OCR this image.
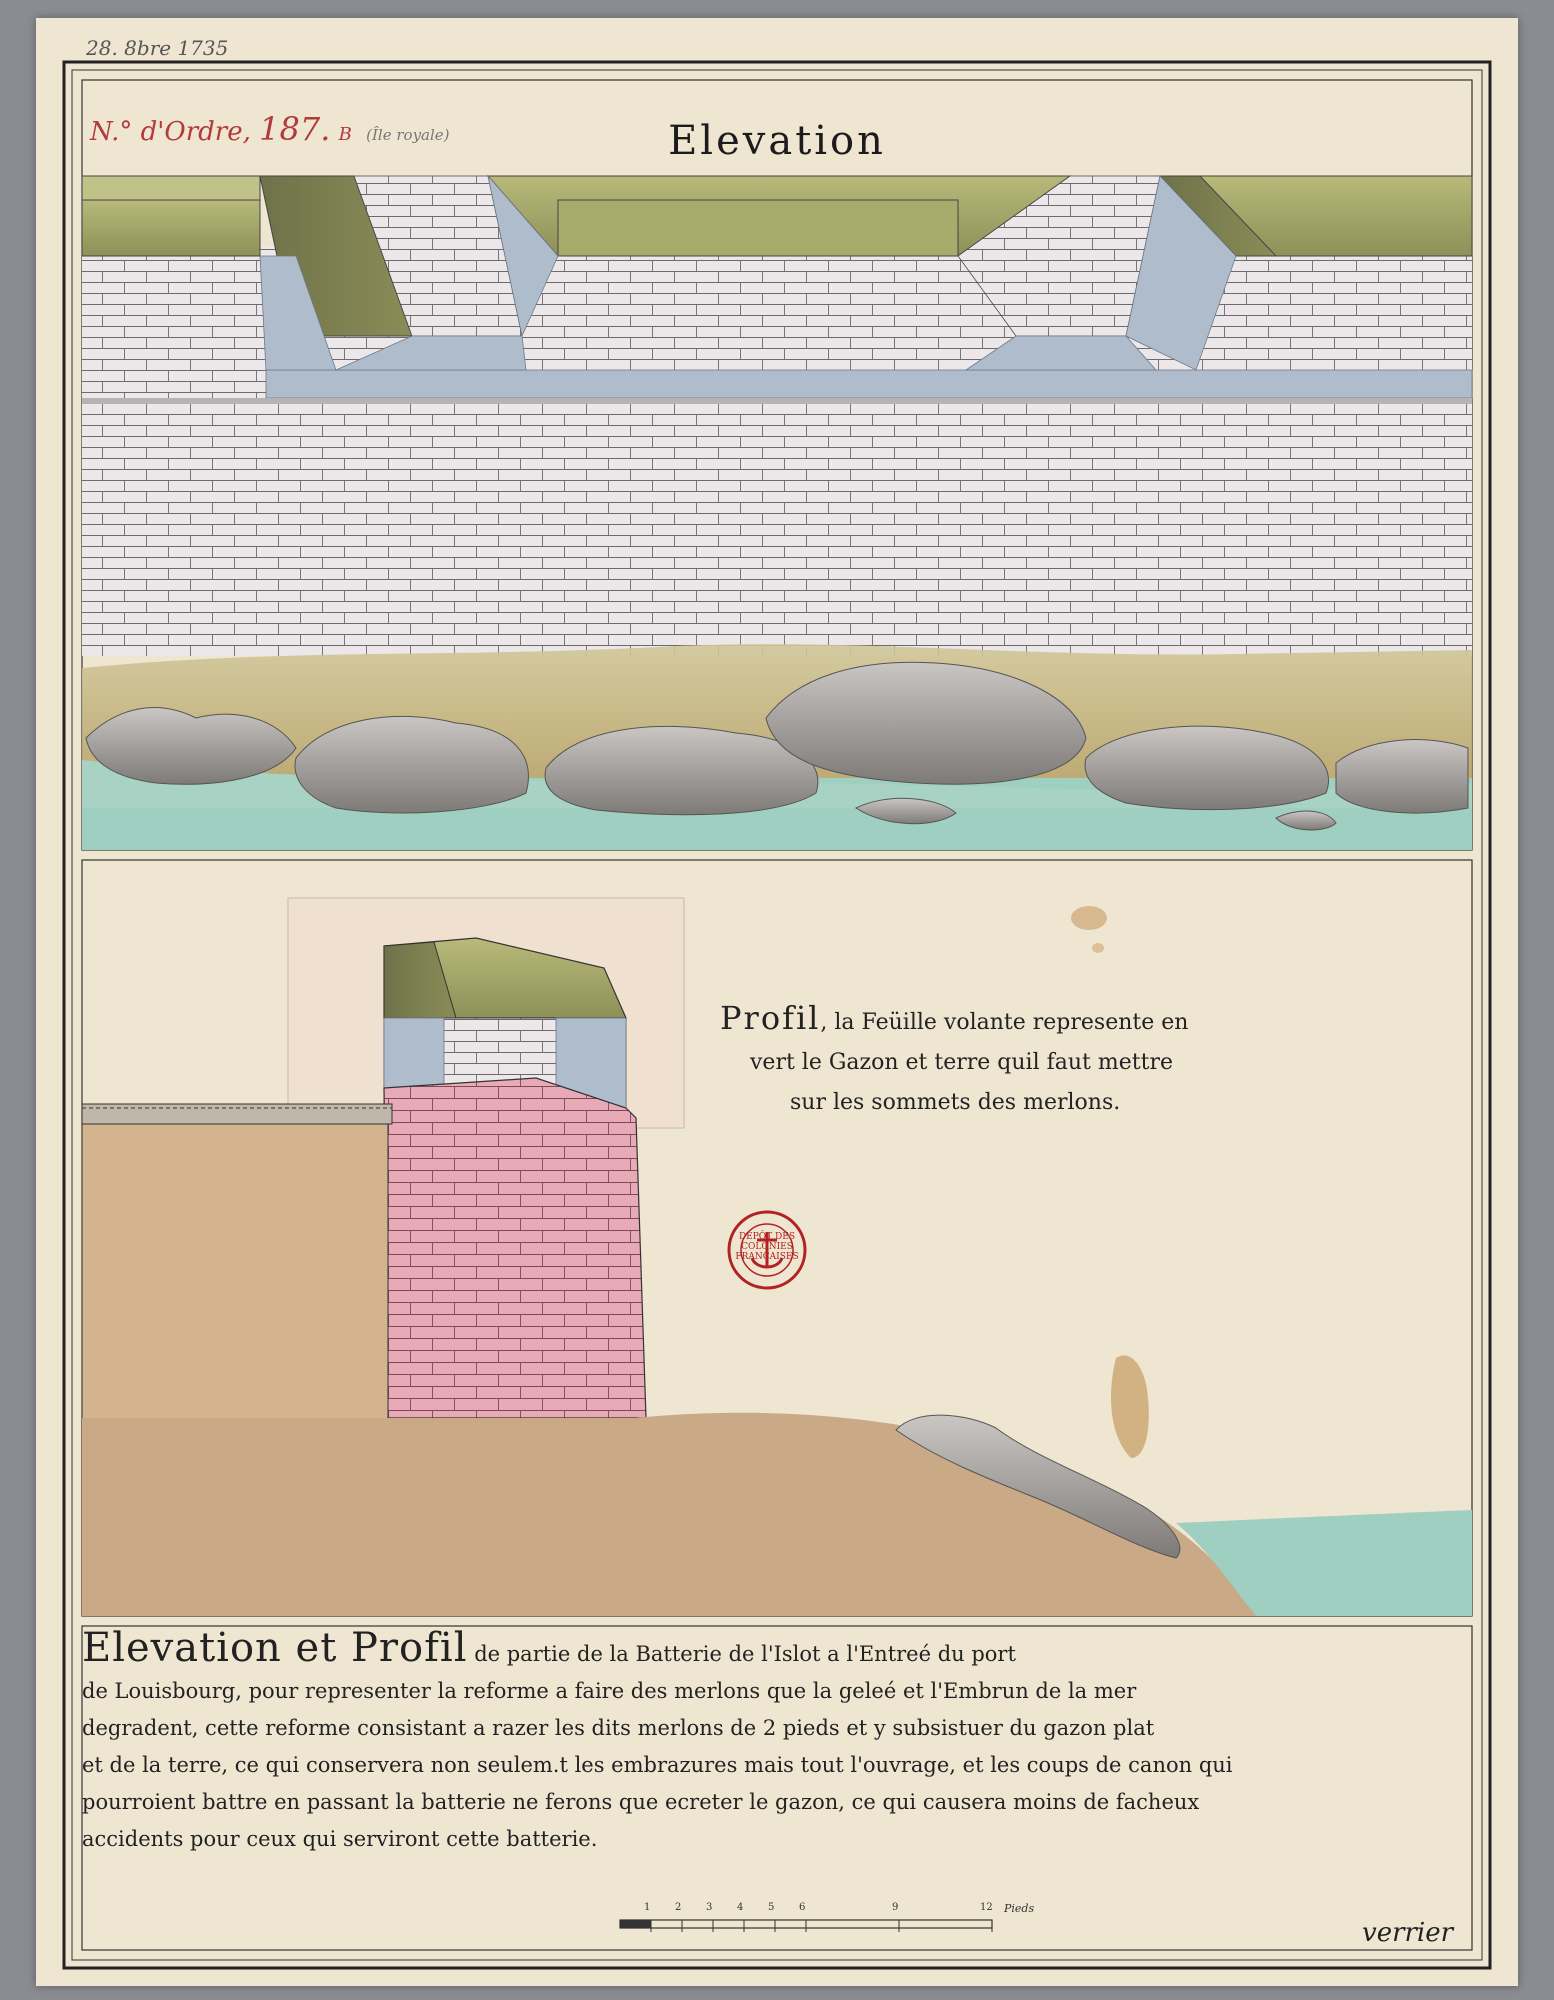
28. 8bre 1735
N.° d'Ordre, 187. B (Île royale)	Elevation
Profil, la Feüille volante represente en
vert le Gazon et terre quil faut mettre
sur les sommets des merlons.
Elevation et Profil de partie de la Batterie de l'Islot a l'Entreé du port
de Louisbourg, pour representer la reforme a faire des merlons que la geleé et l'Embrun de la mer
degradent, cette reforme consistant a razer les dits merlons de 2 pieds et y subsistuer du gazon plat
et de la terre, ce qui conservera non seulem.t les embrazures mais tout l'ouvrage, et les coups de canon qui
pourroient battre en passant la batterie ne ferons que ecreter le gazon, ce qui causera moins de facheux
accidents pour ceux qui serviront cette batterie.
1 2 3 4 5 6	9	12 Pieds
DÉPÔT DES COLONIES FRANÇAISES
verrier
